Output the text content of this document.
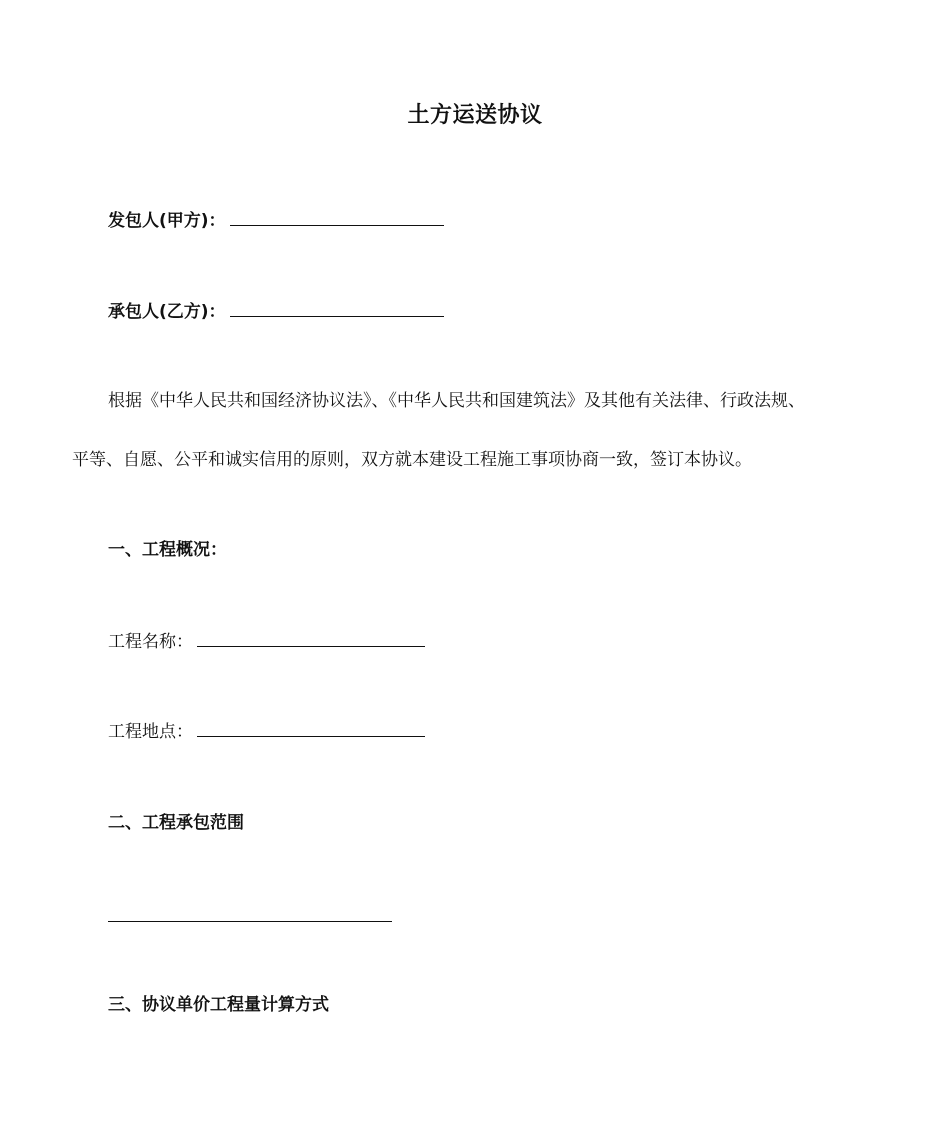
土方运送协议
发包人(甲方)：
承包人(乙方)：
根据《中华人民共和国经济协议法》、《中华人民共和国建筑法》及其他有关法律、行政法规、
平等、自愿、公平和诚实信用的原则，双方就本建设工程施工事项协商一致，签订本协议。
一、工程概况：
工程名称：
工程地点：
二、工程承包范围
三、协议单价工程量计算方式
